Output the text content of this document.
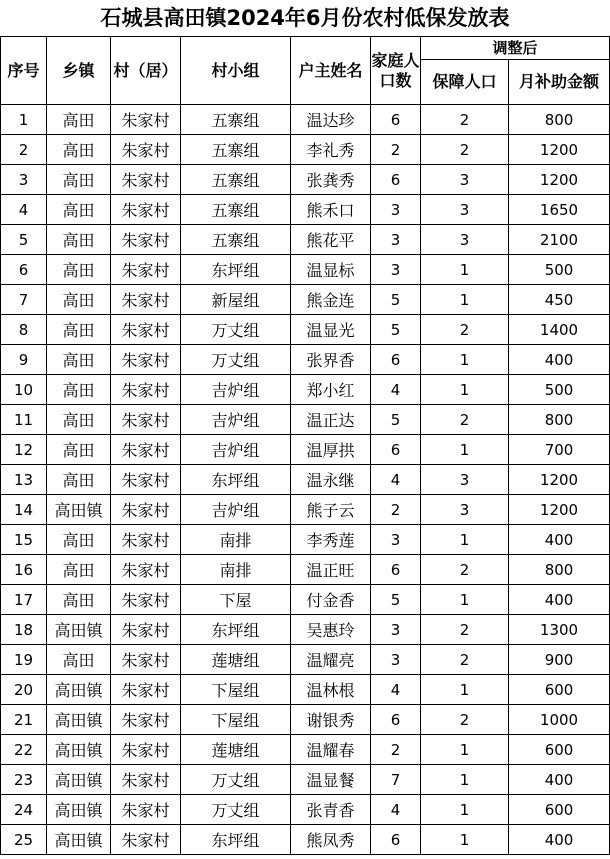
石城县高田镇2024年6月份农村低保发放表
序号	乡镇	村（居）	村小组	户主姓名	家庭人口数	调整后	
						保障人口	月补助金额
1	高田	朱家村	五寨组	温达珍	6	2	800
2	高田	朱家村	五寨组	李礼秀	2	2	1200
3	高田	朱家村	五寨组	张龚秀	6	3	1200
4	高田	朱家村	五寨组	熊禾口	3	3	1650
5	高田	朱家村	五寨组	熊花平	3	3	2100
6	高田	朱家村	东坪组	温显标	3	1	500
7	高田	朱家村	新屋组	熊金连	5	1	450
8	高田	朱家村	万丈组	温显光	5	2	1400
9	高田	朱家村	万丈组	张界香	6	1	400
10	高田	朱家村	吉炉组	郑小红	4	1	500
11	高田	朱家村	吉炉组	温正达	5	2	800
12	高田	朱家村	吉炉组	温厚拱	6	1	700
13	高田	朱家村	东坪组	温永继	4	3	1200
14	高田镇	朱家村	吉炉组	熊子云	2	3	1200
15	高田	朱家村	南排	李秀莲	3	1	400
16	高田	朱家村	南排	温正旺	6	2	800
17	高田	朱家村	下屋	付金香	5	1	400
18	高田镇	朱家村	东坪组	吴惠玲	3	2	1300
19	高田	朱家村	莲塘组	温耀亮	3	2	900
20	高田镇	朱家村	下屋组	温林根	4	1	600
21	高田镇	朱家村	下屋组	谢银秀	6	2	1000
22	高田镇	朱家村	莲塘组	温耀春	2	1	600
23	高田镇	朱家村	万丈组	温显餐	7	1	400
24	高田镇	朱家村	万丈组	张青香	4	1	600
25	高田镇	朱家村	东坪组	熊凤秀	6	1	400
